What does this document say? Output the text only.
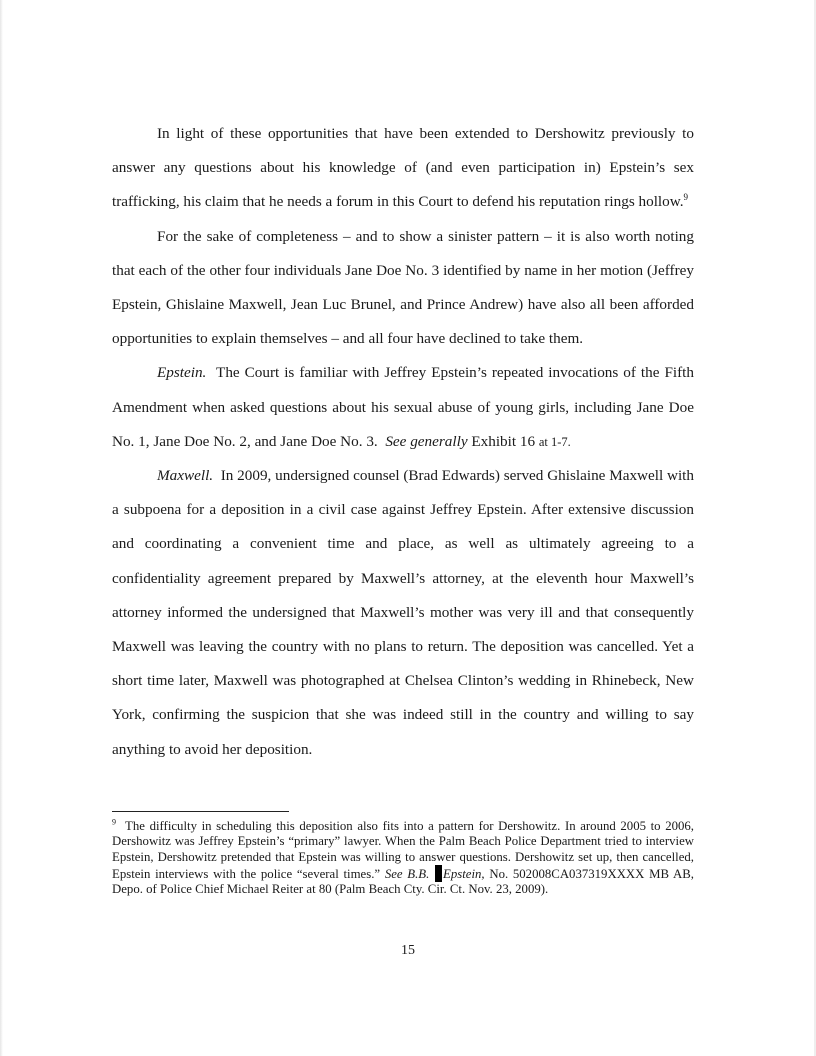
In light of these opportunities that have been extended to Dershowitz previously to answer any questions about his knowledge of (and even participation in) Epstein’s sex trafficking, his claim that he needs a forum in this Court to defend his reputation rings hollow.$^9$

For the sake of completeness – and to show a sinister pattern – it is also worth noting that each of the other four individuals Jane Doe No. 3 identified by name in her motion (Jeffrey Epstein, Ghislaine Maxwell, Jean Luc Brunel, and Prince Andrew) have also all been afforded opportunities to explain themselves – and all four have declined to take them.

Epstein. The Court is familiar with Jeffrey Epstein’s repeated invocations of the Fifth Amendment when asked questions about his sexual abuse of young girls, including Jane Doe No. 1, Jane Doe No. 2, and Jane Doe No. 3. See generally Exhibit 16 at 1-7.

Maxwell. In 2009, undersigned counsel (Brad Edwards) served Ghislaine Maxwell with a subpoena for a deposition in a civil case against Jeffrey Epstein. After extensive discussion and coordinating a convenient time and place, as well as ultimately agreeing to a confidentiality agreement prepared by Maxwell’s attorney, at the eleventh hour Maxwell’s attorney informed the undersigned that Maxwell’s mother was very ill and that consequently Maxwell was leaving the country with no plans to return. The deposition was cancelled. Yet a short time later, Maxwell was photographed at Chelsea Clinton’s wedding in Rhinebeck, New York, confirming the suspicion that she was indeed still in the country and willing to say anything to avoid her deposition.

$^9$ The difficulty in scheduling this deposition also fits into a pattern for Dershowitz. In around 2005 to 2006, Dershowitz was Jeffrey Epstein’s “primary” lawyer. When the Palm Beach Police Department tried to interview Epstein, Dershowitz pretended that Epstein was willing to answer questions. Dershowitz set up, then cancelled, Epstein interviews with the police “several times.” See B.B. Epstein, No. 502008CA037319XXXX MB AB, Depo. of Police Chief Michael Reiter at 80 (Palm Beach Cty. Cir. Ct. Nov. 23, 2009).

15
